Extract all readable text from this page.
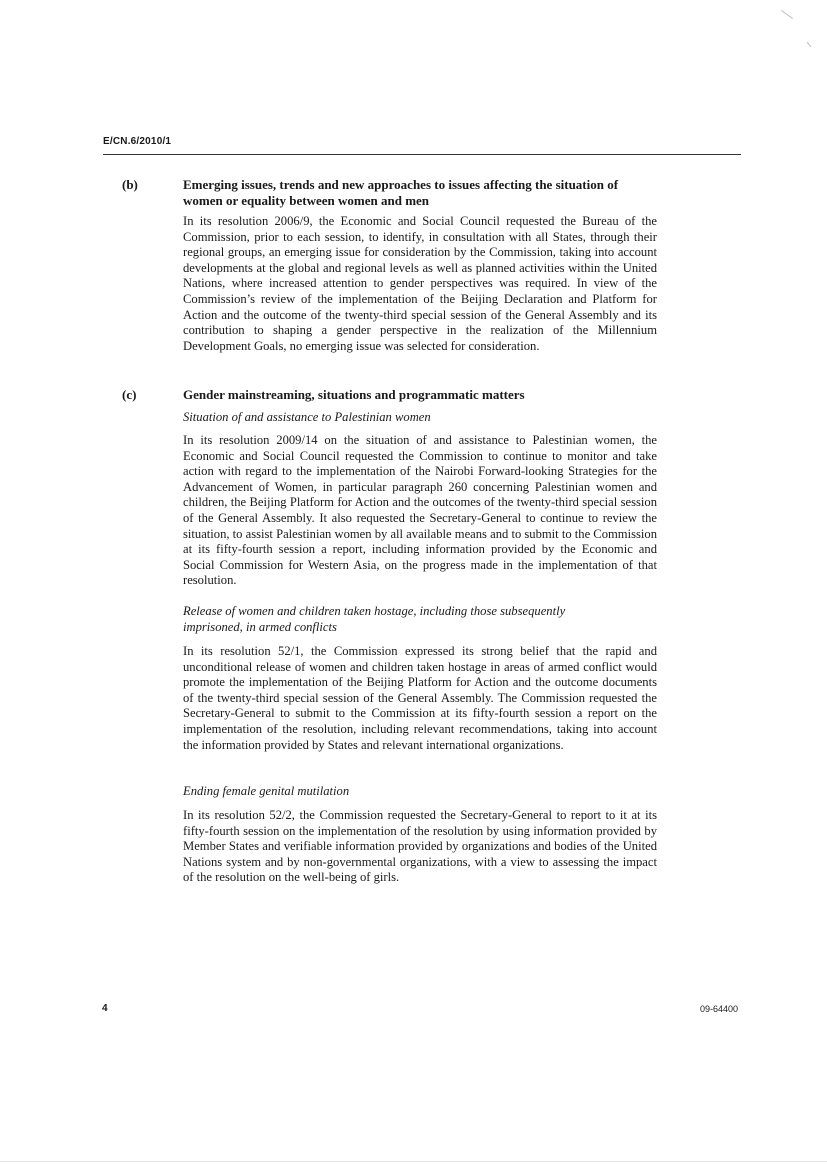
E/CN.6/2010/1
(b)	Emerging issues, trends and new approaches to issues affecting the situation of women or equality between women and men

In its resolution 2006/9, the Economic and Social Council requested the Bureau of the Commission, prior to each session, to identify, in consultation with all States, through their regional groups, an emerging issue for consideration by the Commission, taking into account developments at the global and regional levels as well as planned activities within the United Nations, where increased attention to gender perspectives was required. In view of the Commission’s review of the implementation of the Beijing Declaration and Platform for Action and the outcome of the twenty-third special session of the General Assembly and its contribution to shaping a gender perspective in the realization of the Millennium Development Goals, no emerging issue was selected for consideration.

(c)	Gender mainstreaming, situations and programmatic matters
Situation of and assistance to Palestinian women

In its resolution 2009/14 on the situation of and assistance to Palestinian women, the Economic and Social Council requested the Commission to continue to monitor and take action with regard to the implementation of the Nairobi Forward-looking Strategies for the Advancement of Women, in particular paragraph 260 concerning Palestinian women and children, the Beijing Platform for Action and the outcomes of the twenty-third special session of the General Assembly. It also requested the Secretary-General to continue to review the situation, to assist Palestinian women by all available means and to submit to the Commission at its fifty-fourth session a report, including information provided by the Economic and Social Commission for Western Asia, on the progress made in the implementation of that resolution.

Release of women and children taken hostage, including those subsequently imprisoned, in armed conflicts

In its resolution 52/1, the Commission expressed its strong belief that the rapid and unconditional release of women and children taken hostage in areas of armed conflict would promote the implementation of the Beijing Platform for Action and the outcome documents of the twenty-third special session of the General Assembly. The Commission requested the Secretary-General to submit to the Commission at its fifty-fourth session a report on the implementation of the resolution, including relevant recommendations, taking into account the information provided by States and relevant international organizations.

Ending female genital mutilation

In its resolution 52/2, the Commission requested the Secretary-General to report to it at its fifty-fourth session on the implementation of the resolution by using information provided by Member States and verifiable information provided by organizations and bodies of the United Nations system and by non-governmental organizations, with a view to assessing the impact of the resolution on the well-being of girls.

4	09-64400
